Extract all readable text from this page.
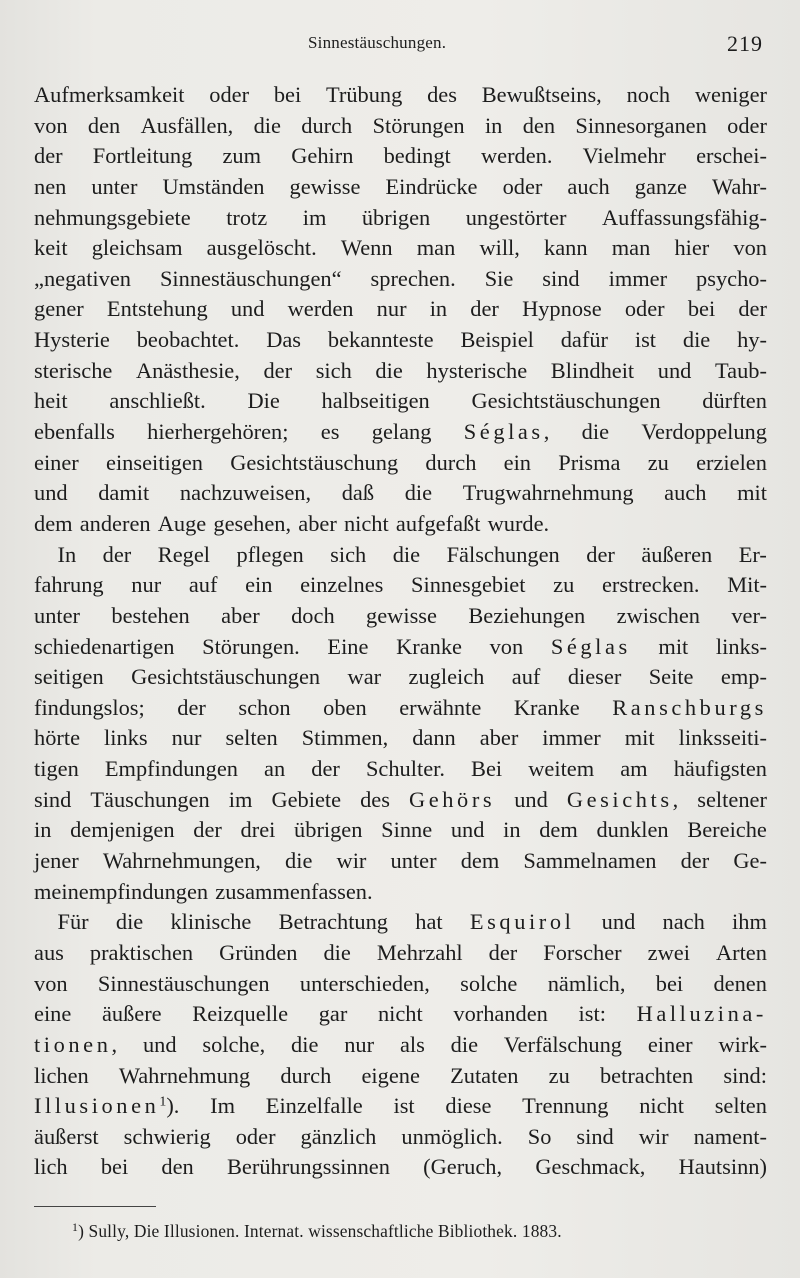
Sinnestäuschungen.	219
Aufmerksamkeit oder bei Trübung des Bewußtseins, noch weniger
von den Ausfällen, die durch Störungen in den Sinnesorganen oder
der Fortleitung zum Gehirn bedingt werden. Vielmehr erschei-
nen unter Umständen gewisse Eindrücke oder auch ganze Wahr-
nehmungsgebiete trotz im übrigen ungestörter Auffassungsfähig-
keit gleichsam ausgelöscht. Wenn man will, kann man hier von
„negativen Sinnestäuschungen“ sprechen. Sie sind immer psycho-
gener Entstehung und werden nur in der Hypnose oder bei der
Hysterie beobachtet. Das bekannteste Beispiel dafür ist die hy-
sterische Anästhesie, der sich die hysterische Blindheit und Taub-
heit anschließt. Die halbseitigen Gesichtstäuschungen dürften
ebenfalls hierhergehören; es gelang Séglas, die Verdoppelung
einer einseitigen Gesichtstäuschung durch ein Prisma zu erzielen
und damit nachzuweisen, daß die Trugwahrnehmung auch mit
dem anderen Auge gesehen, aber nicht aufgefaßt wurde.
In der Regel pflegen sich die Fälschungen der äußeren Er-
fahrung nur auf ein einzelnes Sinnesgebiet zu erstrecken. Mit-
unter bestehen aber doch gewisse Beziehungen zwischen ver-
schiedenartigen Störungen. Eine Kranke von Séglas mit links-
seitigen Gesichtstäuschungen war zugleich auf dieser Seite emp-
findungslos; der schon oben erwähnte Kranke Ranschburgs
hörte links nur selten Stimmen, dann aber immer mit linksseiti-
tigen Empfindungen an der Schulter. Bei weitem am häufigsten
sind Täuschungen im Gebiete des Gehörs und Gesichts, seltener
in demjenigen der drei übrigen Sinne und in dem dunklen Bereiche
jener Wahrnehmungen, die wir unter dem Sammelnamen der Ge-
meinempfindungen zusammenfassen.
Für die klinische Betrachtung hat Esquirol und nach ihm
aus praktischen Gründen die Mehrzahl der Forscher zwei Arten
von Sinnestäuschungen unterschieden, solche nämlich, bei denen
eine äußere Reizquelle gar nicht vorhanden ist: Halluzina-
tionen, und solche, die nur als die Verfälschung einer wirk-
lichen Wahrnehmung durch eigene Zutaten zu betrachten sind:
Illusionen$^1$). Im Einzelfalle ist diese Trennung nicht selten
äußerst schwierig oder gänzlich unmöglich. So sind wir nament-
lich bei den Berührungssinnen (Geruch, Geschmack, Hautsinn)
$^1$) Sully, Die Illusionen. Internat. wissenschaftliche Bibliothek. 1883.
